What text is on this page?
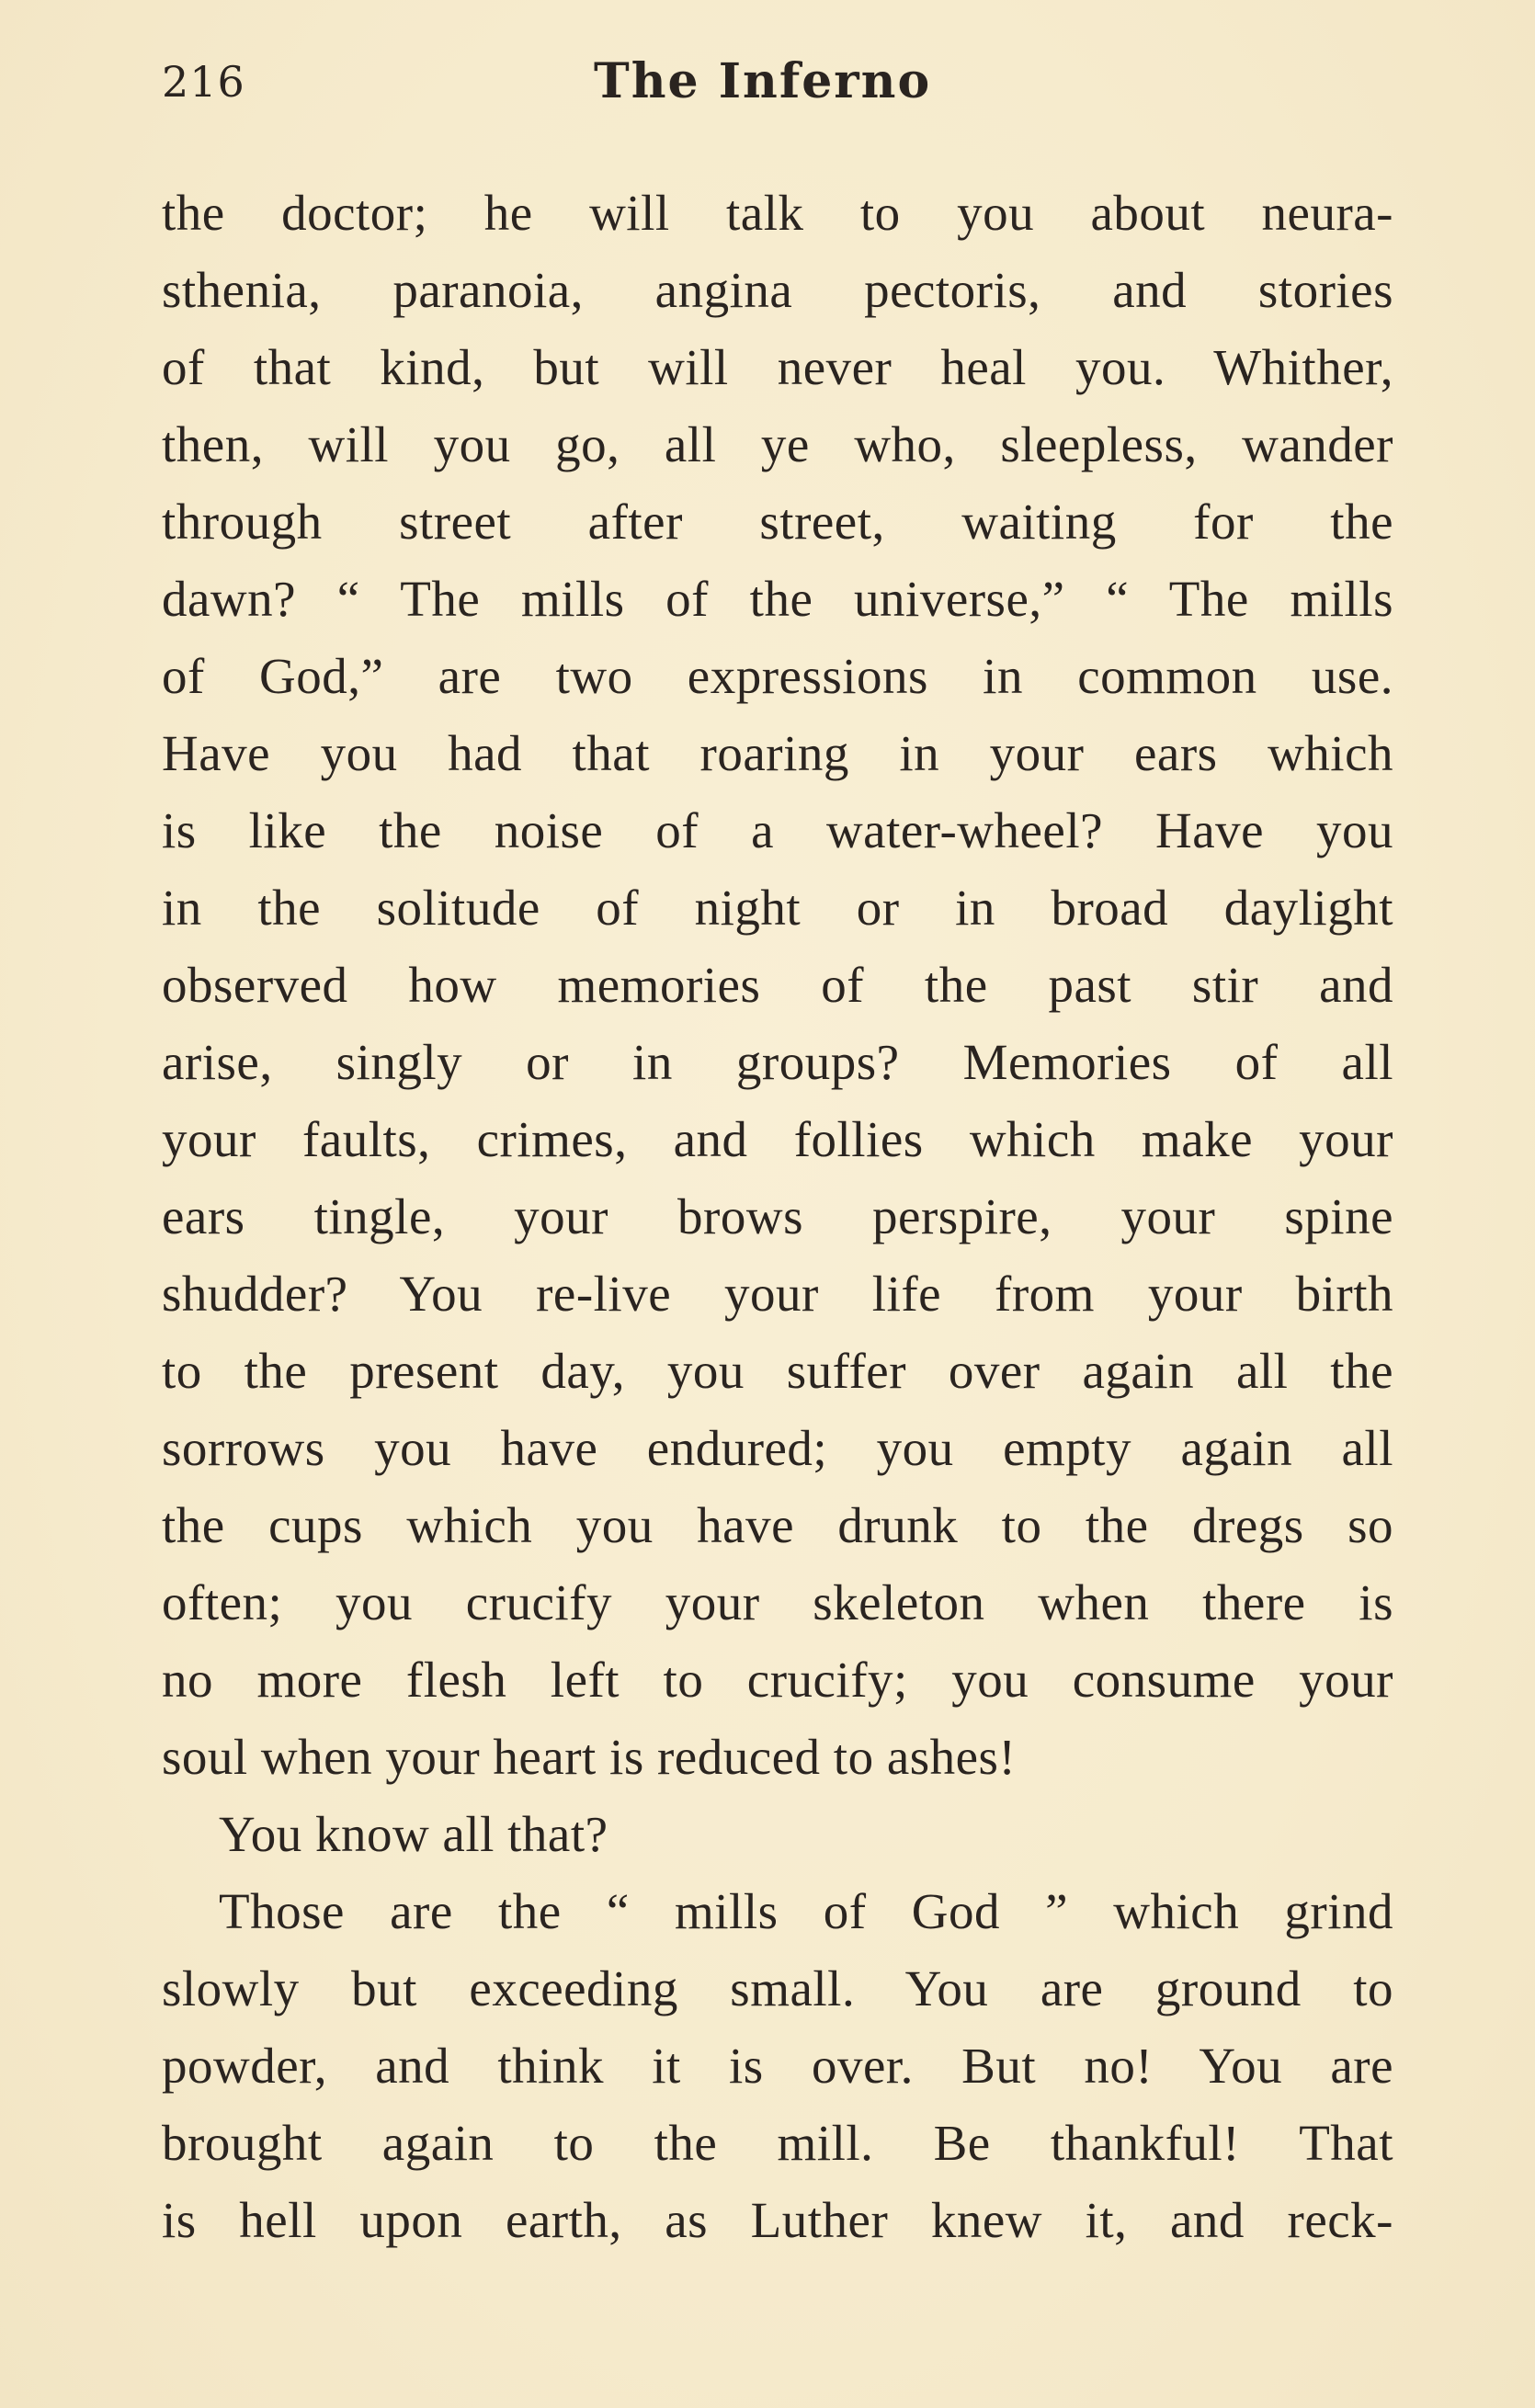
216	The Inferno
the doctor; he will talk to you about neura-
sthenia, paranoia, angina pectoris, and stories
of that kind, but will never heal you. Whither,
then, will you go, all ye who, sleepless, wander
through street after street, waiting for the
dawn? “ The mills of the universe,” “ The mills
of God,” are two expressions in common use.
Have you had that roaring in your ears which
is like the noise of a water-wheel? Have you
in the solitude of night or in broad daylight
observed how memories of the past stir and
arise, singly or in groups? Memories of all
your faults, crimes, and follies which make your
ears tingle, your brows perspire, your spine
shudder? You re-live your life from your birth
to the present day, you suffer over again all the
sorrows you have endured; you empty again all
the cups which you have drunk to the dregs so
often; you crucify your skeleton when there is
no more flesh left to crucify; you consume your
soul when your heart is reduced to ashes!
You know all that?
Those are the “ mills of God ” which grind
slowly but exceeding small. You are ground to
powder, and think it is over. But no! You are
brought again to the mill. Be thankful! That
is hell upon earth, as Luther knew it, and reck-
